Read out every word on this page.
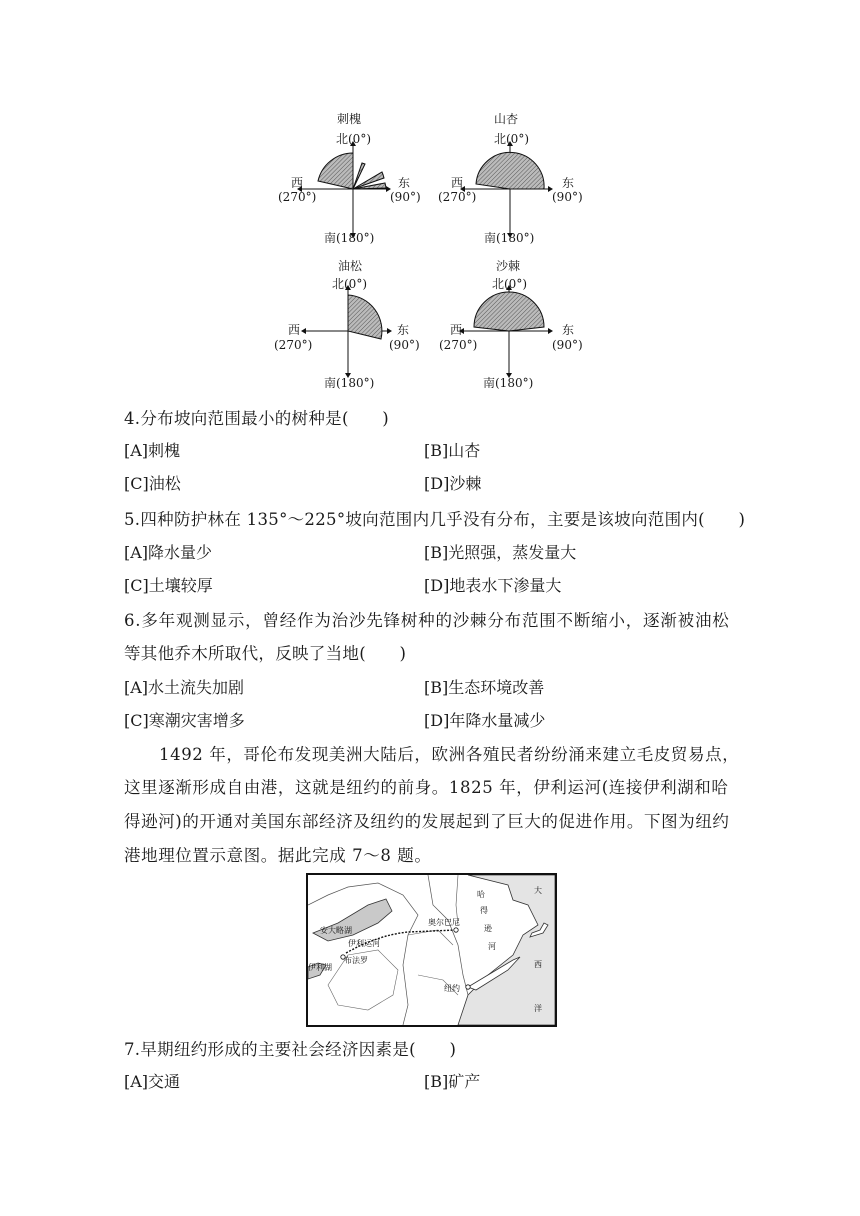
刺槐
北(0°)
西
(270°)
东
(90°)
南(180°)
山杏
北(0°)
西
(270°)
东
(90°)
南(180°)
油松
北(0°)
西
(270°)
东
(90°)
南(180°)
沙棘
北(0°)
西
(270°)
东
(90°)
南(180°)
4.分布坡向范围最小的树种是(　　)
[A]刺槐	[B]山杏
[C]油松	[D]沙棘
5.四种防护林在 135°～225°坡向范围内几乎没有分布，主要是该坡向范围内(　　)
[A]降水量少	[B]光照强，蒸发量大
[C]土壤较厚	[D]地表水下渗量大
6.多年观测显示，曾经作为治沙先锋树种的沙棘分布范围不断缩小，逐渐被油松
等其他乔木所取代，反映了当地(　　)
[A]水土流失加剧	[B]生态环境改善
[C]寒潮灾害增多	[D]年降水量减少
1492 年，哥伦布发现美洲大陆后，欧洲各殖民者纷纷涌来建立毛皮贸易点，
这里逐渐形成自由港，这就是纽约的前身。1825 年，伊利运河(连接伊利湖和哈
得逊河)的开通对美国东部经济及纽约的发展起到了巨大的促进作用。下图为纽约
港地理位置示意图。据此完成 7～8 题。
安大略湖
伊利运河
奥尔巴尼
布法罗
伊利湖
纽约
哈
得
逊
河
大
西
洋
7.早期纽约形成的主要社会经济因素是(　　)
[A]交通	[B]矿产
